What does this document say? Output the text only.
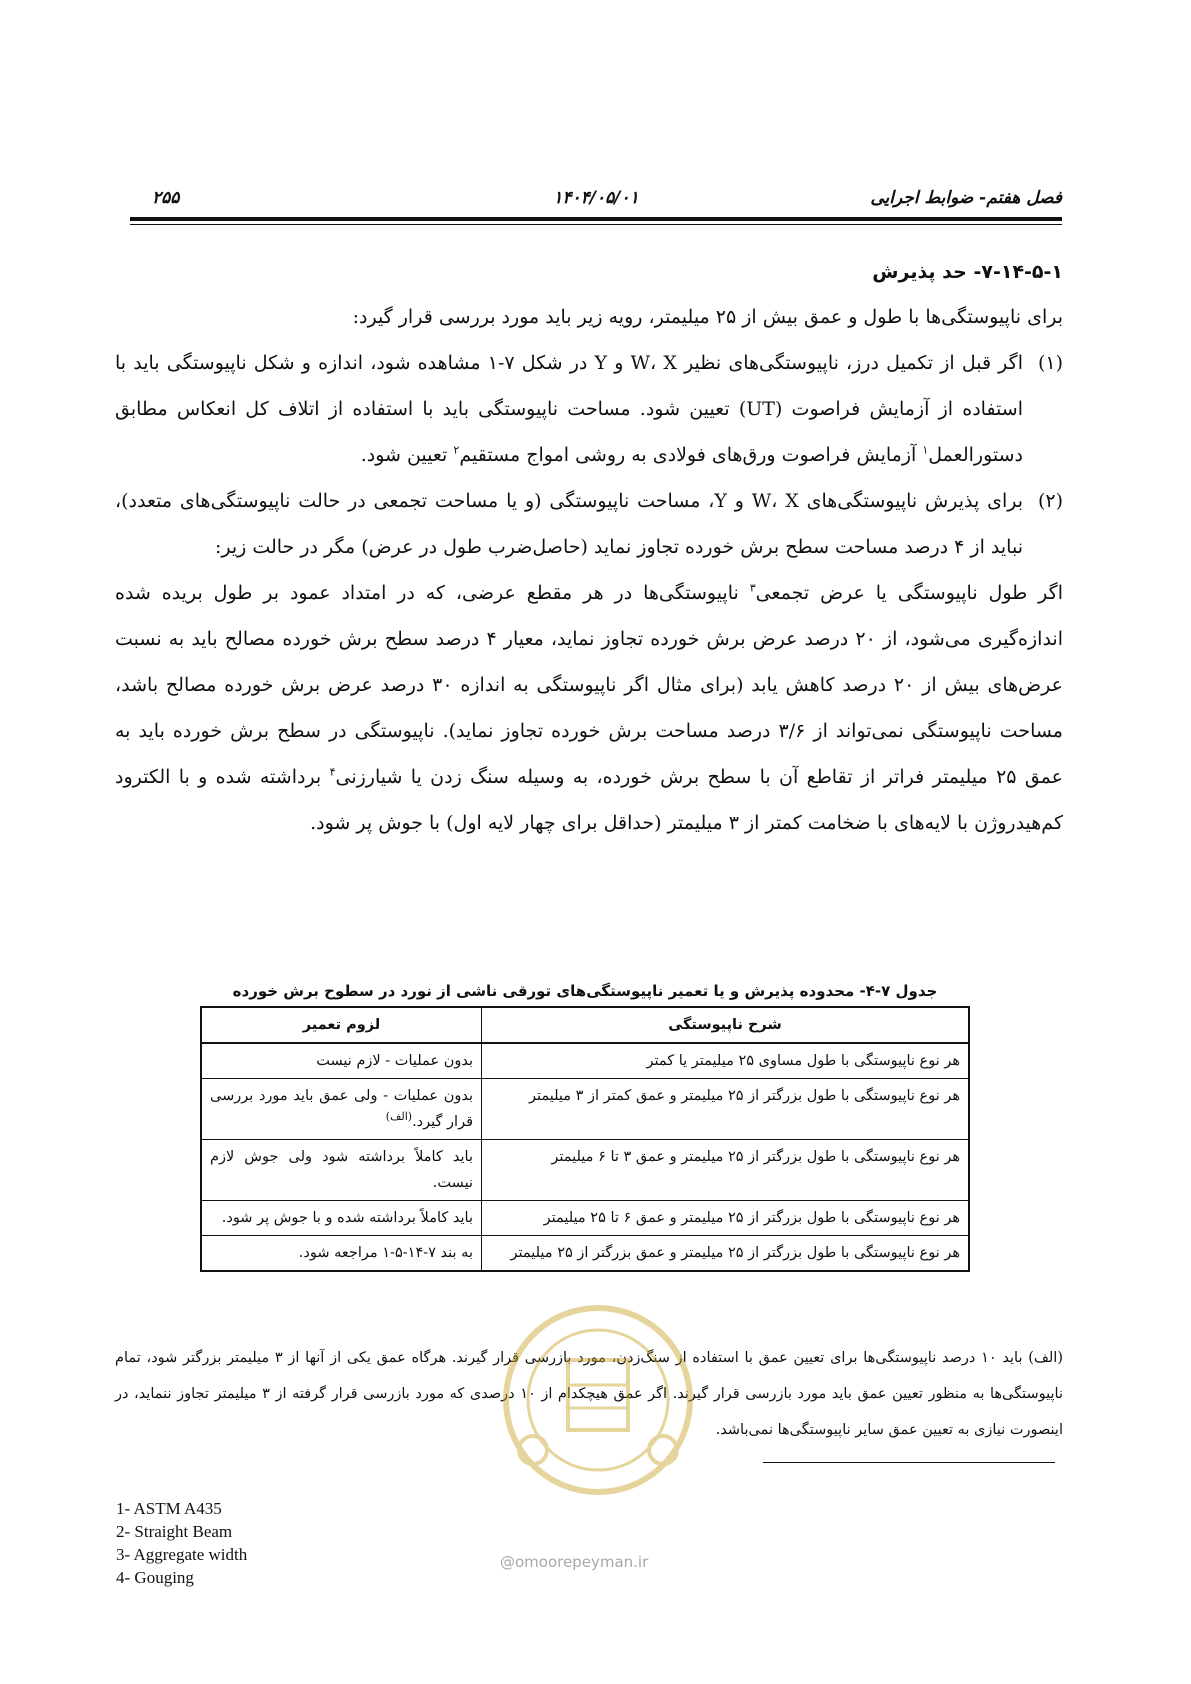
فصل هفتم- ضوابط اجرایی
۱۴۰۴/۰۵/۰۱
۲۵۵

۷-۱۴-۵-۱- حد پذیرش

برای ناپیوستگی‌ها با طول و عمق بیش از ۲۵ میلیمتر، رویه زیر باید مورد بررسی قرار گیرد:

(۱)
اگر قبل از تکمیل درز، ناپیوستگی‌های نظیر W، X و Y در شکل ۷-۱ مشاهده شود، اندازه و شکل ناپیوستگی باید با استفاده از آزمایش فراصوت (UT) تعیین شود. مساحت ناپیوستگی باید با استفاده از اتلاف کل انعکاس مطابق دستورالعمل$^۱$ آزمایش فراصوت ورق‌های فولادی به روشی امواج مستقیم$^۲$ تعیین شود.

(۲)
برای پذیرش ناپیوستگی‌های W، X و Y، مساحت ناپیوستگی (و یا مساحت تجمعی در حالت ناپیوستگی‌های متعدد)، نباید از ۴ درصد مساحت سطح برش خورده تجاوز نماید (حاصل‌ضرب طول در عرض) مگر در حالت زیر:

اگر طول ناپیوستگی یا عرض تجمعی$^۳$ ناپیوستگی‌ها در هر مقطع عرضی، که در امتداد عمود بر طول بریده شده اندازه‌گیری می‌شود، از ۲۰ درصد عرض برش خورده تجاوز نماید، معیار ۴ درصد سطح برش خورده مصالح باید به نسبت عرض‌های بیش از ۲۰ درصد کاهش یابد (برای مثال اگر ناپیوستگی به اندازه ۳۰ درصد عرض برش خورده مصالح باشد، مساحت ناپیوستگی نمی‌تواند از ۳/۶ درصد مساحت برش خورده تجاوز نماید). ناپیوستگی در سطح برش خورده باید به عمق ۲۵ میلیمتر فراتر از تقاطع آن با سطح برش خورده، به وسیله سنگ زدن یا شیارزنی$^۴$ برداشته شده و با الکترود کم‌هیدروژن با لایه‌های با ضخامت کمتر از ۳ میلیمتر (حداقل برای چهار لایه اول) با جوش پر شود.

جدول ۷-۴- محدوده پذیرش و یا تعمیر ناپیوستگی‌های تورقی ناشی از نورد در سطوح برش خورده
شرح ناپیوستگی	لزوم تعمیر
هر نوع ناپیوستگی با طول مساوی ۲۵ میلیمتر یا کمتر	بدون عملیات - لازم نیست
هر نوع ناپیوستگی با طول بزرگتر از ۲۵ میلیمتر و عمق کمتر از ۳ میلیمتر	بدون عملیات - ولی عمق باید مورد بررسی قرار گیرد.$^{(الف)}$
هر نوع ناپیوستگی با طول بزرگتر از ۲۵ میلیمتر و عمق ۳ تا ۶ میلیمتر	باید کاملاً برداشته شود ولی جوش لازم نیست.
هر نوع ناپیوستگی با طول بزرگتر از ۲۵ میلیمتر و عمق ۶ تا ۲۵ میلیمتر	باید کاملاً برداشته شده و با جوش پر شود.
هر نوع ناپیوستگی با طول بزرگتر از ۲۵ میلیمتر و عمق بزرگتر از ۲۵ میلیمتر	به بند ۷-۱۴-۵-۱ مراجعه شود.
(الف) باید ۱۰ درصد ناپیوستگی‌ها برای تعیین عمق با استفاده از سنگ‌زدن، مورد بازرسی قرار گیرند. هرگاه عمق یکی از آنها از ۳ میلیمتر بزرگتر شود، تمام ناپیوستگی‌ها به منظور تعیین عمق باید مورد بازرسی قرار گیرند. اگر عمق هیچکدام از ۱۰ درصدی که مورد بازرسی قرار گرفته از ۳ میلیمتر تجاوز ننماید، در اینصورت نیازی به تعیین عمق سایر ناپیوستگی‌ها نمی‌باشد.
@omoorepeyman.ir
1- ASTM A435
2- Straight Beam
3- Aggregate width
4- Gouging
